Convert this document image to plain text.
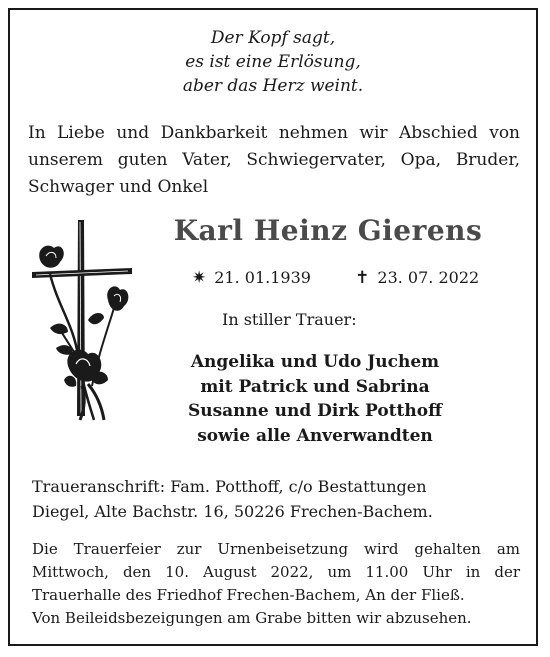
Der Kopf sagt,
es ist eine Erlösung,
aber das Herz weint.
In Liebe und Dankbarkeit nehmen wir Abschied von
unserem guten Vater, Schwiegervater, Opa, Bruder,
Schwager und Onkel
Karl Heinz Gierens
✷ 21. 01.1939	✝ 23. 07. 2022
In stiller Trauer:
Angelika und Udo Juchem
mit Patrick und Sabrina
Susanne und Dirk Potthoff
sowie alle Anverwandten
Traueranschrift: Fam. Potthoff, c/o Bestattungen
Diegel, Alte Bachstr. 16, 50226 Frechen-Bachem.
Die Trauerfeier zur Urnenbeisetzung wird gehalten am
Mittwoch, den 10. August 2022, um 11.00 Uhr in der
Trauerhalle des Friedhof Frechen-Bachem, An der Fließ.
Von Beileidsbezeigungen am Grabe bitten wir abzusehen.
